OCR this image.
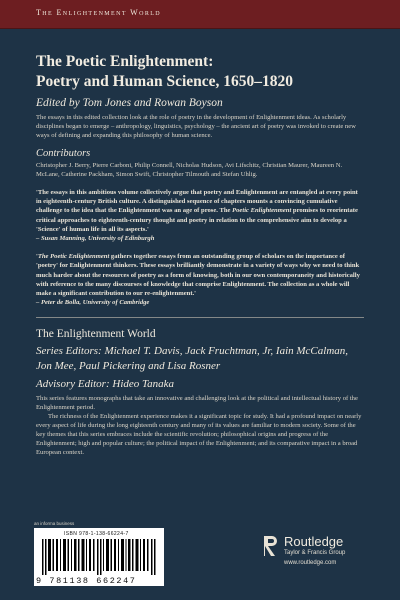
The Enlightenment World
The Poetic Enlightenment:
Poetry and Human Science, 1650–1820
Edited by Tom Jones and Rowan Boyson
The essays in this edited collection look at the role of poetry in the development of Enlightenment ideas. As scholarly disciplines began to emerge – anthropology, linguistics, psychology – the ancient art of poetry was invoked to create new ways of defining and expanding this philosophy of human science.
Contributors
Christopher J. Berry, Pierre Carboni, Philip Connell, Nicholas Hudson, Avi Lifschitz, Christian Maurer, Maureen N. McLane, Catherine Packham, Simon Swift, Christopher Tilmouth and Stefan Uhlig.
'The essays in this ambitious volume collectively argue that poetry and Enlightenment are entangled at every point in eighteenth-century British culture. A distinguished sequence of chapters mounts a convincing cumulative challenge to the idea that the Enlightenment was an age of prose. The Poetic Enlightenment promises to reorientate critical approaches to eighteenth-century thought and poetry in relation to the comprehensive aim to develop a 'Science' of human life in all its aspects.'
– Susan Manning, University of Edinburgh
'The Poetic Enlightenment gathers together essays from an outstanding group of scholars on the importance of 'poetry' for Enlightenment thinkers. These essays brilliantly demonstrate in a variety of ways why we need to think much harder about the resources of poetry as a form of knowing, both in our own contemporaneity and historically with reference to the many discourses of knowledge that comprise Enlightenment. The collection as a whole will make a significant contribution to our re-enlightenment.'
– Peter de Bolla, University of Cambridge
The Enlightenment World
Series Editors: Michael T. Davis, Jack Fruchtman, Jr, Iain McCalman, Jon Mee, Paul Pickering and Lisa Rosner
Advisory Editor: Hideo Tanaka

This series features monographs that take an innovative and challenging look at the political and intellectual history of the Enlightenment period.

The richness of the Enlightenment experience makes it a significant topic for study. It had a profound impact on nearly every aspect of life during the long eighteenth century and many of its values are familiar to modern society. Some of the key themes that this series embraces include the scientific revolution; philosophical origins and progress of the Enlightenment; high and popular culture; the political impact of the Enlightenment; and its comparative impact in a broad European context.

an informa business
ISBN 978-1-138-66224-7
9 781138 662247
Routledge
Taylor & Francis Group
www.routledge.com
